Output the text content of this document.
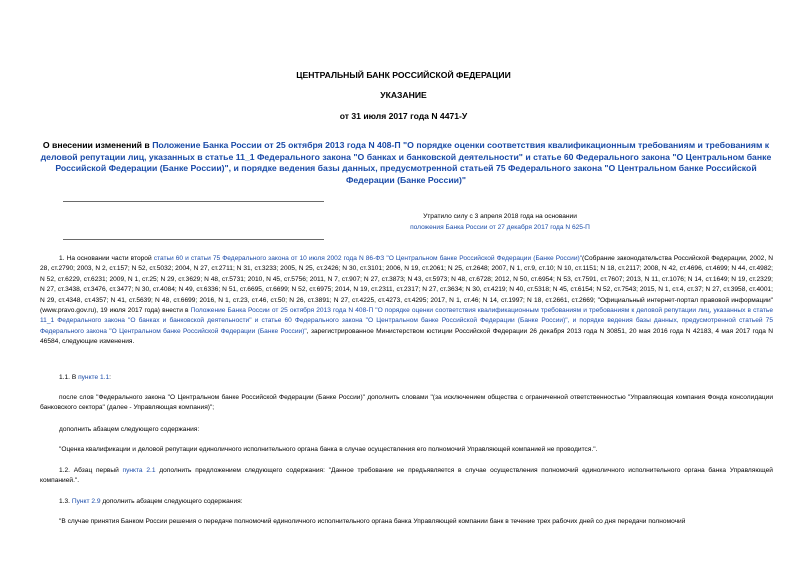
ЦЕНТРАЛЬНЫЙ БАНК РОССИЙСКОЙ ФЕДЕРАЦИИ
УКАЗАНИЕ
от 31 июля 2017 года N 4471-У
О внесении изменений в Положение Банка России от 25 октября 2013 года N 408-П "О порядке оценки соответствия квалификационным требованиям и требованиям к деловой репутации лиц, указанных в статье 11_1 Федерального закона "О банках и банковской деятельности" и статье 60 Федерального закона "О Центральном банке Российской Федерации (Банке России)", и порядке ведения базы данных, предусмотренной статьей 75 Федерального закона "О Центральном банке Российской Федерации (Банке России)"
Утратило силу с 3 апреля 2018 года на основании
положения Банка России от 27 декабря 2017 года N 625-П
1. На основании части второй статьи 60 и статьи 75 Федерального закона от 10 июля 2002 года N 86-ФЗ "О Центральном банке Российской Федерации (Банке России)"(Собрание законодательства Российской Федерации, 2002, N 28, ст.2790; 2003, N 2, ст.157; N 52, ст.5032; 2004, N 27, ст.2711; N 31, ст.3233; 2005, N 25, ст.2426; N 30, ст.3101; 2006, N 19, ст.2061; N 25, ст.2648; 2007, N 1, ст.9, ст.10; N 10, ст.1151; N 18, ст.2117; 2008, N 42, ст.4696, ст.4699; N 44, ст.4982; N 52, ст.6229, ст.6231; 2009, N 1, ст.25; N 29, ст.3629; N 48, ст.5731; 2010, N 45, ст.5756; 2011, N 7, ст.907; N 27, ст.3873; N 43, ст.5973; N 48, ст.6728; 2012, N 50, ст.6954; N 53, ст.7591, ст.7607; 2013, N 11, ст.1076; N 14, ст.1649; N 19, ст.2329; N 27, ст.3438, ст.3476, ст.3477; N 30, ст.4084; N 49, ст.6336; N 51, ст.6695, ст.6699; N 52, ст.6975; 2014, N 19, ст.2311, ст.2317; N 27, ст.3634; N 30, ст.4219; N 40, ст.5318; N 45, ст.6154; N 52, ст.7543; 2015, N 1, ст.4, ст.37; N 27, ст.3958, ст.4001; N 29, ст.4348, ст.4357; N 41, ст.5639; N 48, ст.6699; 2016, N 1, ст.23, ст.46, ст.50; N 26, ст.3891; N 27, ст.4225, ст.4273, ст.4295; 2017, N 1, ст.46; N 14, ст.1997; N 18, ст.2661, ст.2669; "Официальный интернет-портал правовой информации" (www.pravo.gov.ru), 19 июля 2017 года) внести в Положение Банка России от 25 октября 2013 года N 408-П "О порядке оценки соответствия квалификационным требованиям и требованиям к деловой репутации лиц, указанных в статье 11_1 Федерального закона "О банках и банковской деятельности" и статье 60 Федерального закона "О Центральном банке Российской Федерации (Банке России)", и порядке ведения базы данных, предусмотренной статьей 75 Федерального закона "О Центральном банке Российской Федерации (Банке России)", зарегистрированное Министерством юстиции Российской Федерации 26 декабря 2013 года N 30851, 20 мая 2016 года N 42183, 4 мая 2017 года N 46584, следующие изменения.
1.1. В пункте 1.1:
после слов "Федерального закона "О Центральном банке Российской Федерации (Банке России)" дополнить словами "(за исключением общества с ограниченной ответственностью "Управляющая компания Фонда консолидации банковского сектора" (далее - Управляющая компания)";
дополнить абзацем следующего содержания:
"Оценка квалификации и деловой репутации единоличного исполнительного органа банка в случае осуществления его полномочий Управляющей компанией не проводится.".
1.2. Абзац первый пункта 2.1 дополнить предложением следующего содержания: "Данное требование не предъявляется в случае осуществления полномочий единоличного исполнительного органа банка Управляющей компанией.".
1.3. Пункт 2.9 дополнить абзацем следующего содержания:
"В случае принятия Банком России решения о передаче полномочий единоличного исполнительного органа банка Управляющей компании банк в течение трех рабочих дней со дня передачи полномочий
